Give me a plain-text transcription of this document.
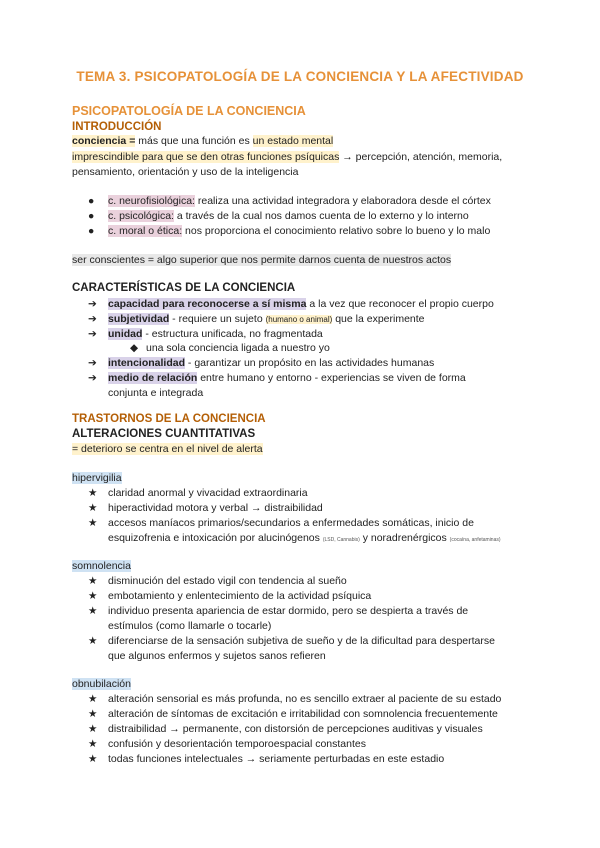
TEMA 3. PSICOPATOLOGÍA DE LA CONCIENCIA Y LA AFECTIVIDAD
PSICOPATOLOGÍA DE LA CONCIENCIA
INTRODUCCIÓN
conciencia = más que una función es un estado mental
imprescindible para que se den otras funciones psíquicas → percepción, atención, memoria,
pensamiento, orientación y uso de la inteligencia
●	c. neurofisiológica: realiza una actividad integradora y elaboradora desde el córtex
●	c. psicológica: a través de la cual nos damos cuenta de lo externo y lo interno
●	c. moral o ética: nos proporciona el conocimiento relativo sobre lo bueno y lo malo
ser conscientes = algo superior que nos permite darnos cuenta de nuestros actos
CARACTERÍSTICAS DE LA CONCIENCIA
➔	capacidad para reconocerse a sí misma a la vez que reconocer el propio cuerpo
➔	subjetividad - requiere un sujeto (humano o animal) que la experimente
➔	unidad - estructura unificada, no fragmentada
◆ una sola conciencia ligada a nuestro yo
➔	intencionalidad - garantizar un propósito en las actividades humanas
➔	medio de relación entre humano y entorno - experiencias se viven de forma
conjunta e integrada
TRASTORNOS DE LA CONCIENCIA
ALTERACIONES CUANTITATIVAS
= deterioro se centra en el nivel de alerta
hipervigilia
★	claridad anormal y vivacidad extraordinaria
★	hiperactividad motora y verbal → distraibilidad
★	accesos maníacos primarios/secundarios a enfermedades somáticas, inicio de
esquizofrenia e intoxicación por alucinógenos (LSD, Cannabis) y noradrenérgicos (cocaína, anfetaminas)
somnolencia
★	disminución del estado vigil con tendencia al sueño
★	embotamiento y enlentecimiento de la actividad psíquica
★	individuo presenta apariencia de estar dormido, pero se despierta a través de
estímulos (como llamarle o tocarle)
★	diferenciarse de la sensación subjetiva de sueño y de la dificultad para despertarse
que algunos enfermos y sujetos sanos refieren
obnubilación
★	alteración sensorial es más profunda, no es sencillo extraer al paciente de su estado
★	alteración de síntomas de excitación e irritabilidad con somnolencia frecuentemente
★	distraibilidad → permanente, con distorsión de percepciones auditivas y visuales
★	confusión y desorientación temporoespacial constantes
★	todas funciones intelectuales → seriamente perturbadas en este estadio
